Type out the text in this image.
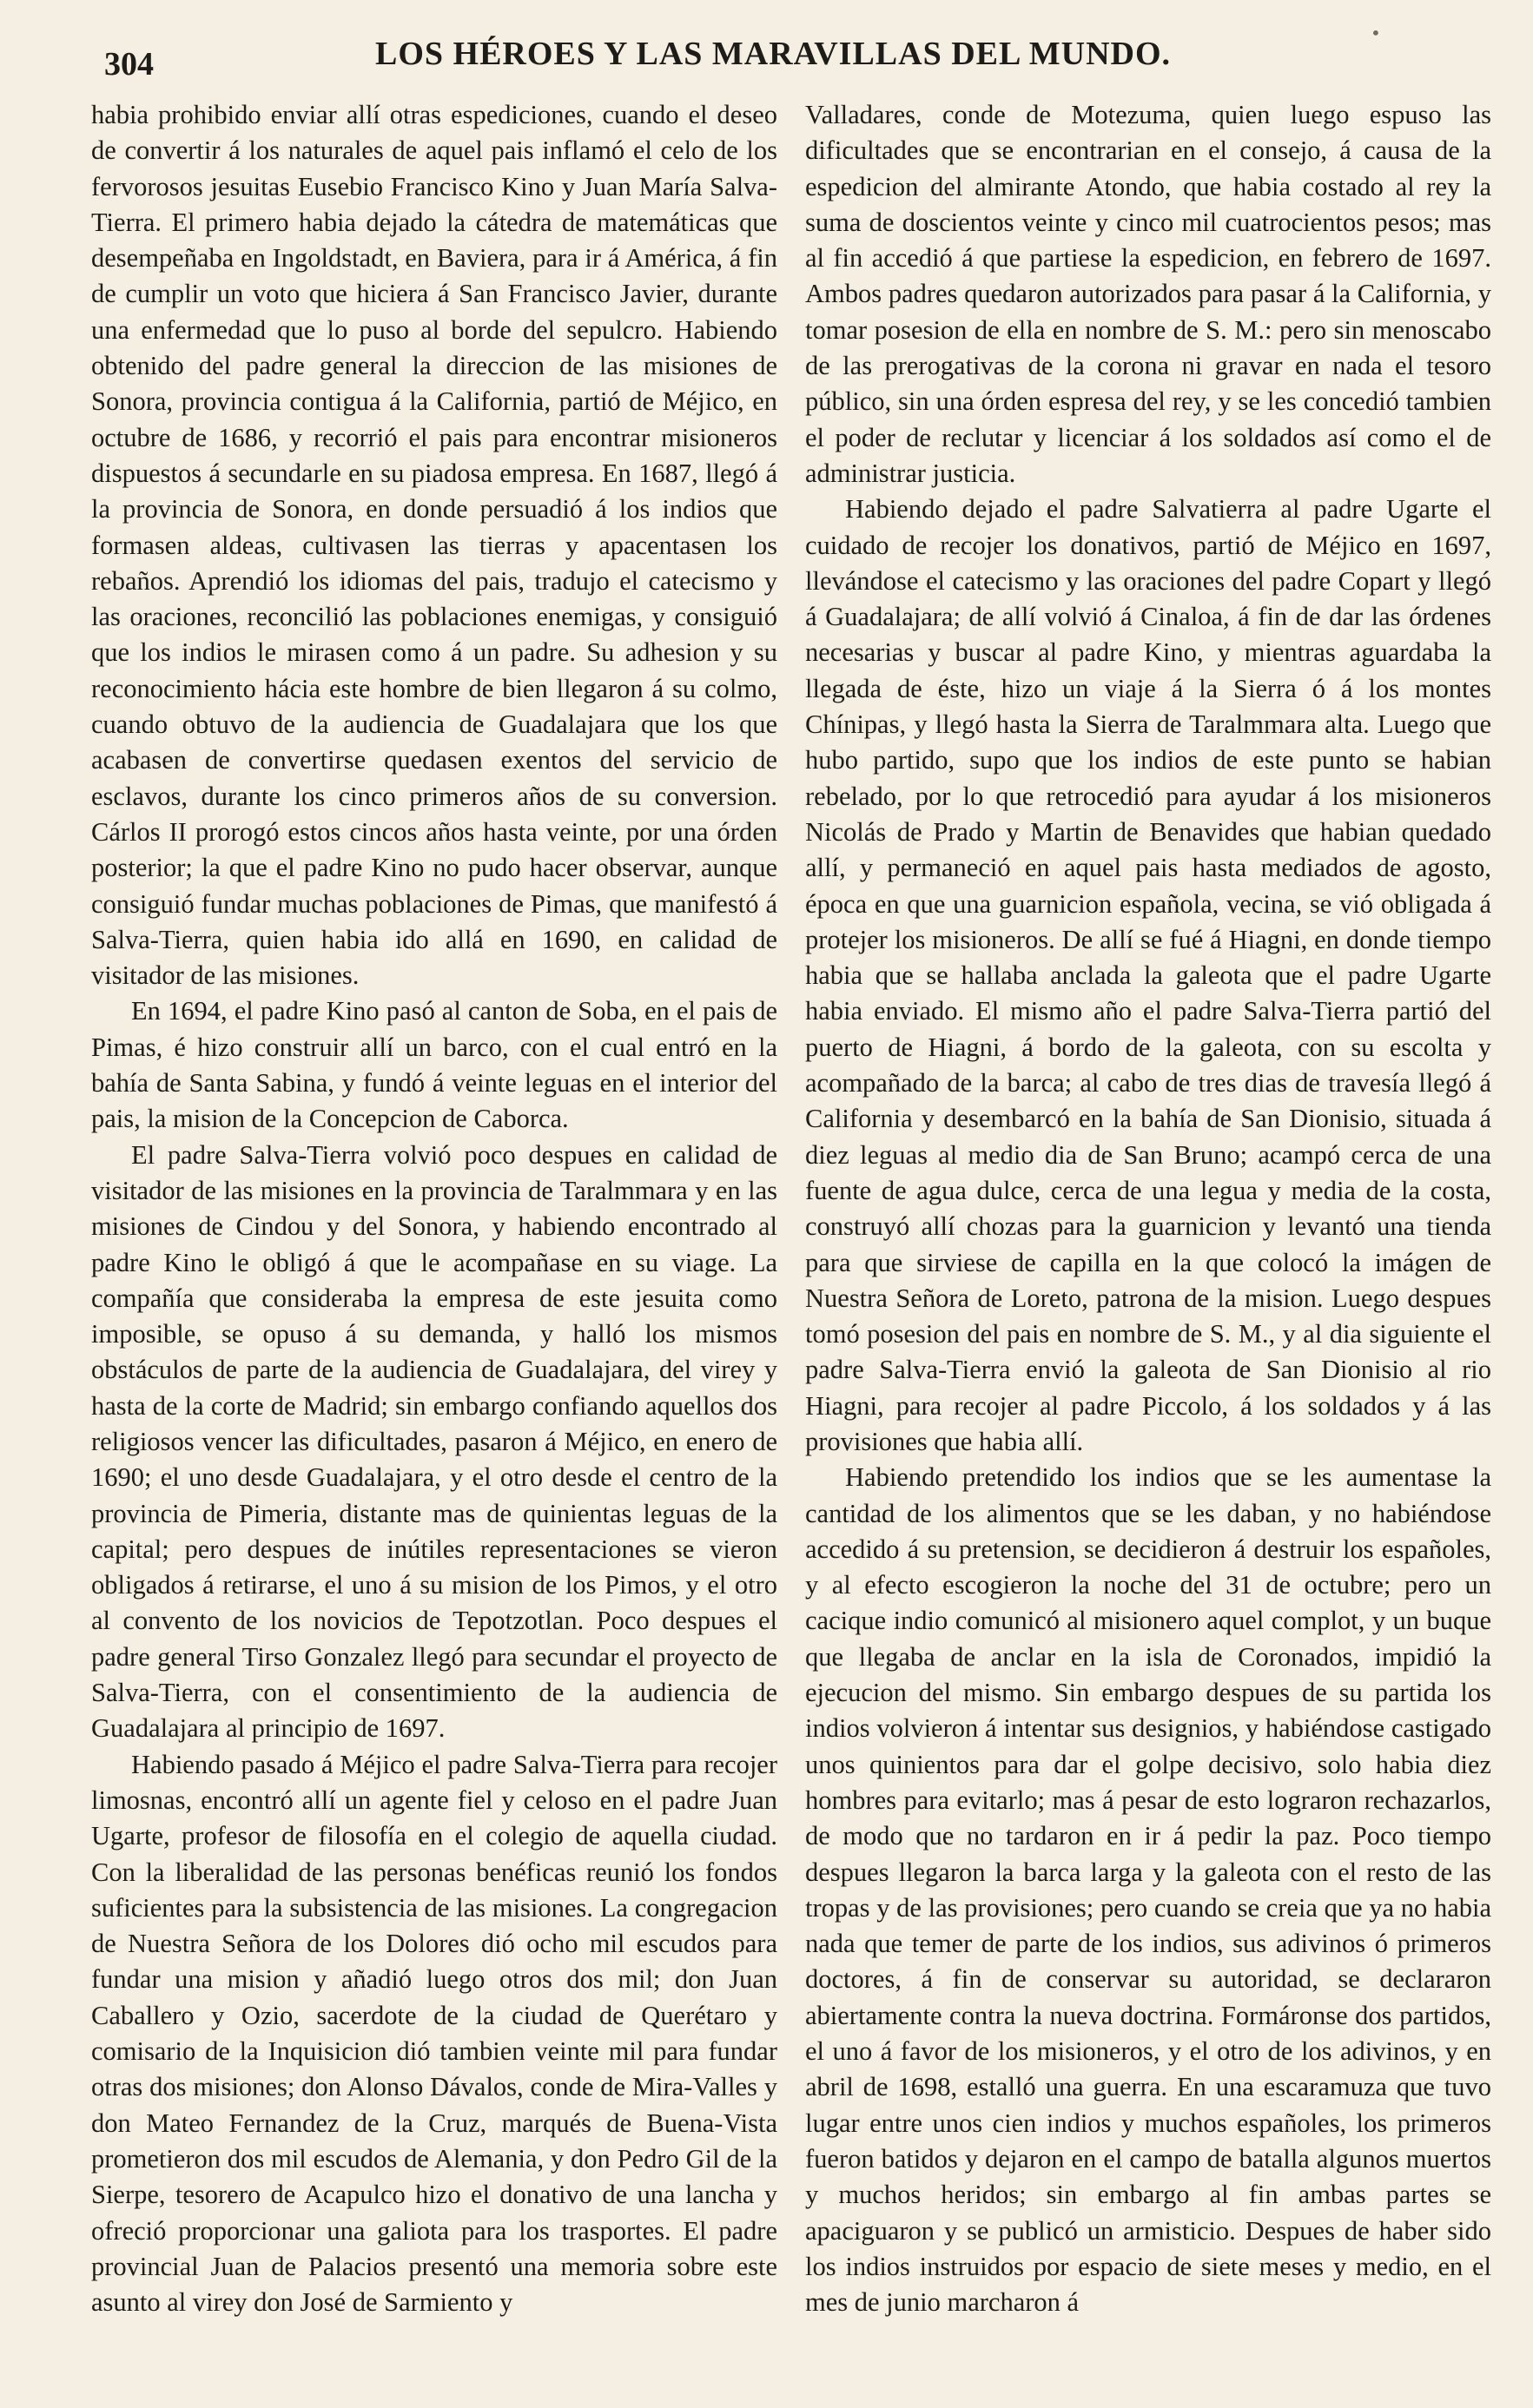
304	LOS HÉROES Y LAS MARAVILLAS DEL MUNDO.
•

habia prohibido enviar allí otras espediciones, cuando el deseo de convertir á los naturales de aquel pais inflamó el celo de los fervorosos jesuitas Eusebio Francisco Kino y Juan María Salva-Tierra. El primero habia dejado la cátedra de matemáticas que desempeñaba en Ingoldstadt, en Baviera, para ir á América, á fin de cumplir un voto que hiciera á San Francisco Javier, durante una enfermedad que lo puso al borde del sepulcro. Habiendo obtenido del padre general la direccion de las misiones de Sonora, provincia contigua á la California, partió de Méjico, en octubre de 1686, y recorrió el pais para encontrar misioneros dispuestos á secundarle en su piadosa empresa. En 1687, llegó á la provincia de Sonora, en donde persuadió á los indios que formasen aldeas, cultivasen las tierras y apacentasen los rebaños. Aprendió los idiomas del pais, tradujo el catecismo y las oraciones, reconcilió las poblaciones enemigas, y consiguió que los indios le mirasen como á un padre. Su adhesion y su reconocimiento hácia este hombre de bien llegaron á su colmo, cuando obtuvo de la audiencia de Guadalajara que los que acabasen de convertirse quedasen exentos del servicio de esclavos, durante los cinco primeros años de su conversion. Cárlos II prorogó estos cincos años hasta veinte, por una órden posterior; la que el padre Kino no pudo hacer observar, aunque consiguió fundar muchas poblaciones de Pimas, que manifestó á Salva-Tierra, quien habia ido allá en 1690, en calidad de visitador de las misiones.

En 1694, el padre Kino pasó al canton de Soba, en el pais de Pimas, é hizo construir allí un barco, con el cual entró en la bahía de Santa Sabina, y fundó á veinte leguas en el interior del pais, la mision de la Concepcion de Caborca.

El padre Salva-Tierra volvió poco despues en calidad de visitador de las misiones en la provincia de Taralmmara y en las misiones de Cindou y del Sonora, y habiendo encontrado al padre Kino le obligó á que le acompañase en su viage. La compañía que consideraba la empresa de este jesuita como imposible, se opuso á su demanda, y halló los mismos obstáculos de parte de la audiencia de Guadalajara, del virey y hasta de la corte de Madrid; sin embargo confiando aquellos dos religiosos vencer las dificultades, pasaron á Méjico, en enero de 1690; el uno desde Guadalajara, y el otro desde el centro de la provincia de Pimeria, distante mas de quinientas leguas de la capital; pero despues de inútiles representaciones se vieron obligados á retirarse, el uno á su mision de los Pimos, y el otro al convento de los novicios de Tepotzotlan. Poco despues el padre general Tirso Gonzalez llegó para secundar el proyecto de Salva-Tierra, con el consentimiento de la audiencia de Guadalajara al principio de 1697.

Habiendo pasado á Méjico el padre Salva-Tierra para recojer limosnas, encontró allí un agente fiel y celoso en el padre Juan Ugarte, profesor de filosofía en el colegio de aquella ciudad. Con la liberalidad de las personas benéficas reunió los fondos suficientes para la subsistencia de las misiones. La congregacion de Nuestra Señora de los Dolores dió ocho mil escudos para fundar una mision y añadió luego otros dos mil; don Juan Caballero y Ozio, sacerdote de la ciudad de Querétaro y comisario de la Inquisicion dió tambien veinte mil para fundar otras dos misiones; don Alonso Dávalos, conde de Mira-Valles y don Mateo Fernandez de la Cruz, marqués de Buena-Vista prometieron dos mil escudos de Alemania, y don Pedro Gil de la Sierpe, tesorero de Acapulco hizo el donativo de una lancha y ofreció proporcionar una galiota para los trasportes. El padre provincial Juan de Palacios presentó una memoria sobre este asunto al virey don José de Sarmiento y

Valladares, conde de Motezuma, quien luego espuso las dificultades que se encontrarian en el consejo, á causa de la espedicion del almirante Atondo, que habia costado al rey la suma de doscientos veinte y cinco mil cuatrocientos pesos; mas al fin accedió á que partiese la espedicion, en febrero de 1697. Ambos padres quedaron autorizados para pasar á la California, y tomar posesion de ella en nombre de S. M.: pero sin menoscabo de las prerogativas de la corona ni gravar en nada el tesoro público, sin una órden espresa del rey, y se les concedió tambien el poder de reclutar y licenciar á los soldados así como el de administrar justicia.

Habiendo dejado el padre Salvatierra al padre Ugarte el cuidado de recojer los donativos, partió de Méjico en 1697, llevándose el catecismo y las oraciones del padre Copart y llegó á Guadalajara; de allí volvió á Cinaloa, á fin de dar las órdenes necesarias y buscar al padre Kino, y mientras aguardaba la llegada de éste, hizo un viaje á la Sierra ó á los montes Chínipas, y llegó hasta la Sierra de Taralmmara alta. Luego que hubo partido, supo que los indios de este punto se habian rebelado, por lo que retrocedió para ayudar á los misioneros Nicolás de Prado y Martin de Benavides que habian quedado allí, y permaneció en aquel pais hasta mediados de agosto, época en que una guarnicion española, vecina, se vió obligada á protejer los misioneros. De allí se fué á Hiagni, en donde tiempo habia que se hallaba anclada la galeota que el padre Ugarte habia enviado. El mismo año el padre Salva-Tierra partió del puerto de Hiagni, á bordo de la galeota, con su escolta y acompañado de la barca; al cabo de tres dias de travesía llegó á California y desembarcó en la bahía de San Dionisio, situada á diez leguas al medio dia de San Bruno; acampó cerca de una fuente de agua dulce, cerca de una legua y media de la costa, construyó allí chozas para la guarnicion y levantó una tienda para que sirviese de capilla en la que colocó la imágen de Nuestra Señora de Loreto, patrona de la mision. Luego despues tomó posesion del pais en nombre de S. M., y al dia siguiente el padre Salva-Tierra envió la galeota de San Dionisio al rio Hiagni, para recojer al padre Piccolo, á los soldados y á las provisiones que habia allí.

Habiendo pretendido los indios que se les aumentase la cantidad de los alimentos que se les daban, y no habiéndose accedido á su pretension, se decidieron á destruir los españoles, y al efecto escogieron la noche del 31 de octubre; pero un cacique indio comunicó al misionero aquel complot, y un buque que llegaba de anclar en la isla de Coronados, impidió la ejecucion del mismo. Sin embargo despues de su partida los indios volvieron á intentar sus designios, y habiéndose castigado unos quinientos para dar el golpe decisivo, solo habia diez hombres para evitarlo; mas á pesar de esto lograron rechazarlos, de modo que no tardaron en ir á pedir la paz. Poco tiempo despues llegaron la barca larga y la galeota con el resto de las tropas y de las provisiones; pero cuando se creia que ya no habia nada que temer de parte de los indios, sus adivinos ó primeros doctores, á fin de conservar su autoridad, se declararon abiertamente contra la nueva doctrina. Formáronse dos partidos, el uno á favor de los misioneros, y el otro de los adivinos, y en abril de 1698, estalló una guerra. En una escaramuza que tuvo lugar entre unos cien indios y muchos españoles, los primeros fueron batidos y dejaron en el campo de batalla algunos muertos y muchos heridos; sin embargo al fin ambas partes se apaciguaron y se publicó un armisticio. Despues de haber sido los indios instruidos por espacio de siete meses y medio, en el mes de junio marcharon á
